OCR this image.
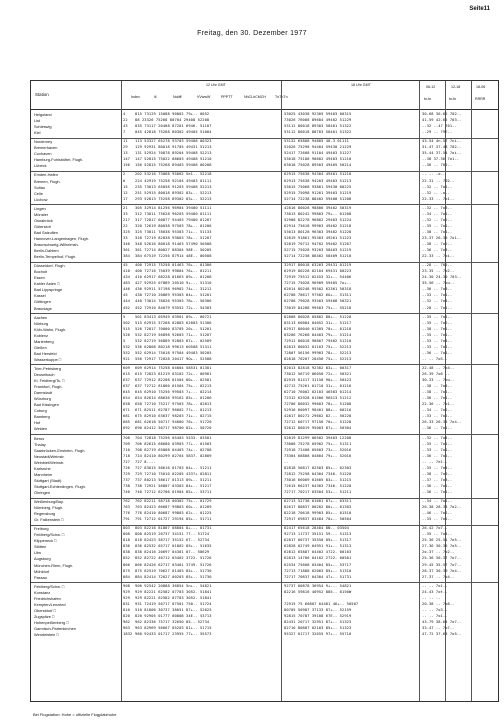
Seite11
Freitag, den 30. Dezember 1977
Station
12 Uhr GMT	18 Uhr GMT
Index	iii	Nddff	VVwwW	PPPTT	NhCLhCMCH	TnTnTn
06-12	12-18	18-06
tn-tn	tn-tn	RRRR
Helgoland	4	815 73129 15088 90802 79+-- 0052	53025 43038 92305 59403 00315	30-68 36-62 702--
List	22 88 23326 75268 80704 29408 52208	73026 76008 89684 49402 51229	41-59 42-62 703--
Schleswig	43 035 73117 20468 87201 6946- 51107	53112 80018 89303 58401 51322	--32 --47 701--
Kiel	7	045 42818 75268 80302 49405 51004	53112 80018 88703 58401 51322	--29 -- 79E--
Norderney	11 113 53327 65278 93703 59408 00323	53132 65808 94805 48-3 01111	43-54 4n-57 7ni--
Bremerhaven	29 129 92931 80018 91705 49431 51213	52026 75298 94404 59430 21229	31-47 37-48 702--
Cuxhaven	13 131 52924 70878 89204 59408 52213	52417 72608 91104 49403 51227	35-44 37-54 7oi--
Hamburg-Fuhlsbüttel, Flugh.	147 147 52815 75022 88603 49408 51210	53018 75108 90602 49403 51210	--38 37-36 7o1--
Lübeck	156 156 52815 75268 89403 59408 00208	63018 75028 89503 49405 50214	--36 -- 702--
Emden-Hafen	2	202 53216 73068 95002 5e1-- 52218	62915 75638 94304 49401 51210	-- -- -o--
Bremen, Flugh.	6	224 42919 75258 92104 49403 01111	62913 75638 94203 49403 51213	22-31 -- 702--
Soltau	15 235 73013 65058 91203 59408 52213	53015 75068 93801 59430 00225	--32 -- 7o1--
Celle	12 251 52915 80018 89302 83+-- 52213	52915 75098 91201 39403 51219	--32 -- -o--
Lüchow	17 293 52813 75258 89302 83+-- 52213	52714 72238 88402 59408 51208	22-33 -- 7o1--
Lingen	21 305 32914 81256 96904 39400 51111	42816 80028 98806 39402 50319	--32 -- 7o3--
Münster	33 312 73011 75628 96203 59400 01111	73013 80242 99803 79+-- 01208	--34 -- 7o1--
Osnabrück	217 317 72817 60877 94403 79400 01207	52908 82278 96802 29403 51224	--32 -- 7o2--
Gütersloh	22 320 72619 80038 97503 78+-- 01206	62914 75618 99903 49402 51218	--35 -- 7o1--
Bad Salzuflen	325 325 73011 78038 95303 71+-- 51133	53013 80128 96303 39402 51228	--38 -- 7o1--
Hannover-Langenhagen, Flugh.	33 328 72719 82038 93803 78+-- 51207	52819 91861 95303 49261 51223	23-37 26-36 7o1--
Braunschweig-Wilhelmsh.	346 348 52616 80018 91463 57490 50508	52819 70712 94702 59402 51207	--38 -- 7o2--
Berlin-Dahlem	361 361 72714 80027 88304 58E-- 50205	52715 75028 93203 58403 51219	--36 -- 7o3--
Berlin-Tempelhof, Flugh.	384 384 67519 72256 87914 48E-- 00508	52714 72238 88402 58409 51210	22-33 -- 7oi--
Düsseldorf, Flugh.	45 400 72915 75258 01463 76+-- 01306	32917 80018 63203 29431 01219	--28 -- 702--
Bocholt	410 400 72716 75039 99804 76+-- 01211	62919 80228 02104 69431 00223	23-35 -- 7o2--
Essen	434 410 62917 68228 01663 89+-- 01208	72919 75512 02453 32+-- 54406	24-30 24-30 703--
Kahler Asten □	483 427 92925 07889 20510 9+--- 51310	72715 75028 96909 59405 7o+--	35-56 -- 7ou--
Bad Lippspringe	446 436 92911 57198 96902 74+-- 31212	62014 80248 95502 62361 50318	--36 -- 7o3--
Kassel	45 438 72710 20869 95303 84+-- 51201	62708 78617 97502 6O+-- 51311	--33 -- 7o1--
Göttingen	444 440 73014 78026 95303 78+-- 50306	62708 79028 93503 59408 50321	--32 -- 7o4--
Braunlage	452 452 72910 84079 93552 72+-- 54303	73019 84288 99503 75+-- 55218	--28 -- 7o1--
Aachen	5	501 83413 05949 03901 89+-- 00721	82808 80028 05802 88+-- 51220	--35 -- 7o1--
Nürburg	502 515 62915 57268 02803 62003 51306	83113 60084 04052 31+-- 51217	--35 -- 7o2--
Köln-Wahn, Flugh.	515 526 72817 70000 83705 20+-- 51201	62917 80040 01305 70+-- 01218	--38 -- 7e1--
Koblenz	526 532 82719 56898 92603 71+-- 51207	83206 76268 04403 79+-- 51214	--35 -- 7o1--
Marienberg	5	532 82719 56889 92803 87+-- 02509	72912 80018 98807 79402 51210	--33 -- 7o4--
Gießen	532 536 62808 80218 99013 60508 51311	62813 80032 01103 75+-- 52213	--33 -- 7o1--
Bad Hersfeld	552 552 62914 75018 97504 49403 50205	72807 56156 99903 78+-- 52213	--36 -- 7o1--
Wasserkuppe □	921 556 72917 72028 20417 9O+-- 52508	82818 70207 20456 75+-- 52213	-- -- 7oS--
Trier-Petrisberg	609 609 62914 75258 04004 58531 01301	82013 82818 92302 83+-- 00317	22-48 -- 7o4--
Deuselbach	615 615 72823 81219 03102 72+-- 00901	73012 56719 06050 72+-- 50321	26-39 7o6 --
Kl. Feldberg/Ts. □	637 637 72912 82208 01504 80+-- 02501	82915 01417 31150 90+-- 50423	30-33 -- 7ou--
Frankfurt, Flugh.	637 637 72712 81800 01504 75+-- 02213	42712 75261 01710 31+-- 01216	--38 -- 7o4--
Darmstadt	645 645 62910 75256 99503 7+--- 02214	62710 76002 02103 46503 01214	--38 -- 7o1--
Würzburg	654 654 82614 68636 99162 85+-- 01206	72312 62928 01506 96513 51212	--36 -- 7e1--
Bad Kissingen	658 658 72710 75217 97503 78+-- 02813	72706 80032 99603 78+-- 51208	22-36 -- 7o1--
Coburg	671 671 82511 62787 96002 7?+-- 01213	52916 60097 98401 88+-- 00216	--34 -- 7o2--
Bamberg	681 675 82910 63637 98203 71+-- 02715	42817 80272 29602 82--- 50228	--33 -- 7o2--
Hof	685 681 62618 50717 94000 76+-- 51720	72712 60717 97156 70+-- 51228	26-33 26-35 7o4--
Weiden	692 690 82412 50717 98700 82+-- 50720	52612 80019 95003 87+-- 50304	--36 -- 7o1--
Berus	708 704 72818 75256 05403 5533- 03501	52819 81299 06502 39403 12208	--32 -- 7o4--
Thalay	709 706 82615 68680 03903 77+-- 01503	73008 75278 05902 75+-- 51311	--35 -- 7o1--
Saarbrücken-Ensheim, Flugh.	710 708 82719 65808 04403 74+-- 02708	72918 72408 05603 73+-- 52016	--33 -- 7o1--
Neustadt/Weinstr.	718 724 82410 80299 02704 5837- 02809	73304 68808 04804 79+-- 52016	--36 -- 7o1--
Weinbiet/Weinstr.	727 727 8----	--	-- -- 7e1--
Karlsruhe	726 727 83015 58616 01703 84+-- 51211	82818 56817 02503 85+-- 02303	--35 -- 7o4--
Mannheim	729 729 72710 75010 02205 433?+ 02811	72812 75258 04304 7346- 51220	--38 -- 7o5--
Stuttgart (Stadt)	737 737 80213 58617 01313 89+-- 51211	73016 66009 01605 83+-- 51215	--37 -- 7o3--
Stuttgart-Echterdingen, Flugh.	738 738 72921 56807 03303 84+-- 51217	72615 66237 04303 7346- 51220	--36 -- 7o1--
Öhringen	740 740 72712 62706 01904 85+-- 53711	72717 70217 03504 53+-- 51211	--36 -- 7o1--
Weißenburg/Bay.	762 762 82211 58718 00302 75+-- 01729	62713 52738 01601 87+-- 03311	--34 -- 7o1--
Nürnberg, Flugh.	763 763 82423 66687 99803 60+-- 01209	82617 80837 00202 80+-- 01303	26-38 28-33 7o2--
Regensburg	776 776 82410 80687 99803 62+-- 01225	82218 70618 99903 85+-- 01510	--46 -- 7o2--
Gr. Falkenstein □	791 791 72712 01727 29194 85+-- 51711	72917 69837 03404 70+-- 50504	--35 -- 7o1--
Freiburg	803 803 82216 81807 08804 8+--- 01731	62417 65618 28404 8N-- 03504	26-42 7o7--
Feldberg/Schw. □	808 808 82519 20737 34151 77-- 51724	92713 11737 35151 59--- 51313	--35 -- 7o4--
Klippeneck □	818 818 82423 58717 35152 6T-- 52734	62817 00737 35550 89+-- 51317	25-36 25-51 7o5--
Stötten	836 836 82532 65717 01802 85+-- 51635	62828 02749 04951 91+-- 51313	27-36 30-36 7o5--
Ulm	838 838 82416 20697 04301 87-- 50629	62812 65887 04402 4722- 00103	2o-37 -- 7o2--
Augsburg	852 852 82722 40712 03402 3722- 51726	62813 14706 04102 2722- 00501	25-36 30-37 7o7--
München-Riem, Flugh.	866 866 82426 62717 03401 3749- 51726	62534 75608 03404 85+-- 53717	29-45 35-57 7o7--
Mühldorf	875 875 82519 70627 01403 85+-- 51730	72713 71888 02003 85+-- 51310	28-37 30-39 7o4--
Passau	884 884 82414 72027 00203 85+-- 51730	72717 70837 04304 47+-- 51731	27-37 -- 7o4--
Feldberg/Schw. □	908 906 92542 20888 36854 5n+-- 54821	92737 00878 36954 9+--- 54821	-- -- 7o1--
Konstanz	929 929 82221 62582 07703 3052- 51841	82216 59816 40952 885-- 0150W	24-43 7ot--
Friedrichshafen	929 929 82221 62582 07703 3052- 51841	-- -- --
Kempten/Lenzried	831 931 72419 50717 07501 750-- 51724	72915 75 60807 04481 46+-- 50507	20-38 -- 7o8--
Oberstdorf □	810 510 81806 30737 38051 87+-- 52025	80705 50987 37133 87+-- 52159	-- -- 7o3--
Zugspitze □	820 820 92905 01777 00808 34E-- 53713	92815 70787 39108 67E-- 52919	-- -- 7o1--
Hohenpeißenberg □	962 962 82336 75717 32650 85-- 52734	82431 20717 32951 87+-- 51323	43-79 38-64 7o7--
Garmisch-Partenkirchen	963 963 82969 56667 05203 81+-- 51715	82716 80887 02103 85+-- 51323	33-47 -- 7o7--
Wendelstein □	1832 980 92433 01717 23955 77+-- 55573	95327 01717 32655 97+-- 55710	47-72 37-63 7o5--
Bei Flugstation: Hohe = offizielle Flugplatzhohe
